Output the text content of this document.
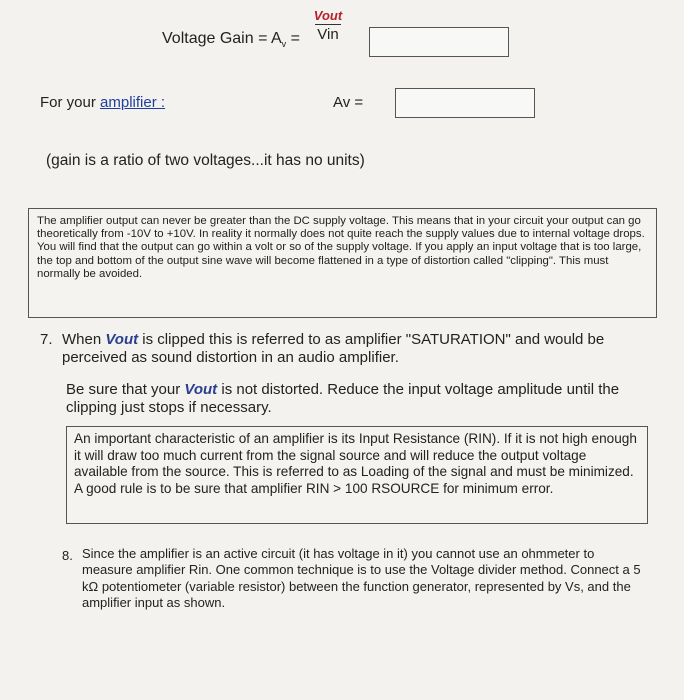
Voltage Gain = $A_v$ =
Vout
Vin
For your amplifier :	Av =
(gain is a ratio of two voltages...it has no units)
The amplifier output can never be greater than the DC supply voltage. This means that in your circuit your output can go theoretically from -10V to +10V. In reality it normally does not quite reach the supply values due to internal voltage drops. You will find that the output can go within a volt or so of the supply voltage. If you apply an input voltage that is too large, the top and bottom of the output sine wave will become flattened in a type of distortion called "clipping". This must normally be avoided.
7. When Vout is clipped this is referred to as amplifier "SATURATION" and would be perceived as sound distortion in an audio amplifier.
Be sure that your Vout is not distorted. Reduce the input voltage amplitude until the clipping just stops if necessary.
An important characteristic of an amplifier is its Input Resistance (RIN). If it is not high enough it will draw too much current from the signal source and will reduce the output voltage available from the source. This is referred to as Loading of the signal and must be minimized. A good rule is to be sure that amplifier RIN > 100 RSOURCE for minimum error.
8. Since the amplifier is an active circuit (it has voltage in it) you cannot use an ohmmeter to measure amplifier Rin. One common technique is to use the Voltage divider method. Connect a 5 kΩ potentiometer (variable resistor) between the function generator, represented by Vs, and the amplifier input as shown.
